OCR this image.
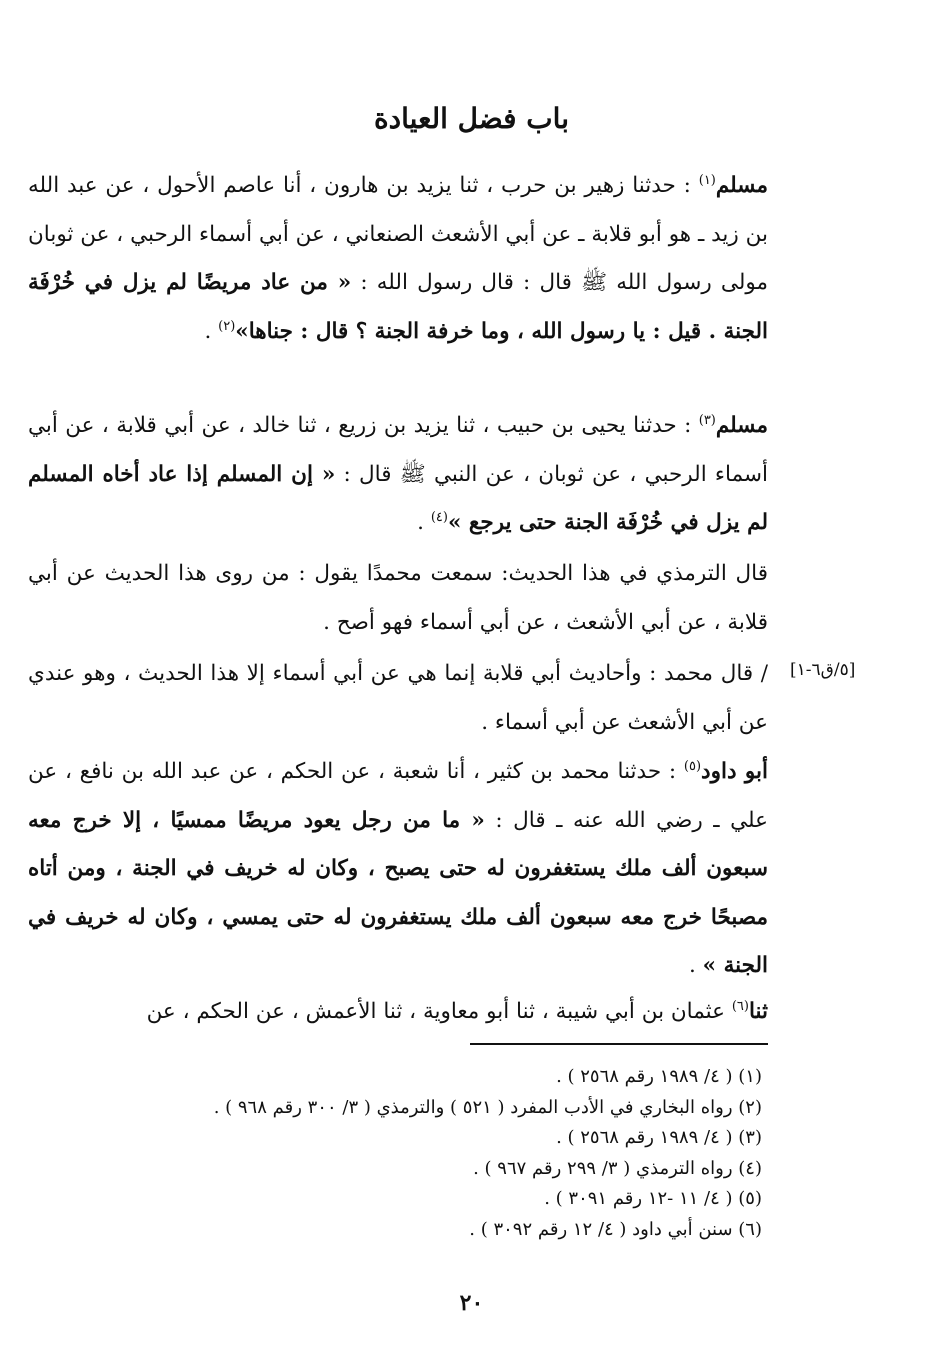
باب فضل العيادة

مسلم$^{(١)}$ : حدثنا زهير بن حرب ، ثنا يزيد بن هارون ، أنا عاصم الأحول ، عن عبد الله بن زيد ـ هو أبو قلابة ـ عن أبي الأشعث الصنعاني ، عن أبي أسماء الرحبي ، عن ثوبان مولى رسول الله ﷺ قال : قال رسول الله : « من عاد مريضًا لم يزل في خُرْفَة الجنة . قيل : يا رسول الله ، وما خرفة الجنة ؟ قال : جناها»$^{(٢)}$ .

مسلم$^{(٣)}$ : حدثنا يحيى بن حبيب ، ثنا يزيد بن زريع ، ثنا خالد ، عن أبي قلابة ، عن أبي أسماء الرحبي ، عن ثوبان ، عن النبي ﷺ قال : « إن المسلم إذا عاد أخاه المسلم لم يزل في خُرْفَة الجنة حتى يرجع »$^{(٤)}$ .

قال الترمذي في هذا الحديث: سمعت محمدًا يقول : من روى هذا الحديث عن أبي قلابة ، عن أبي الأشعث ، عن أبي أسماء فهو أصح .

[٥/ق٦-١]

/ قال محمد : وأحاديث أبي قلابة إنما هي عن أبي أسماء إلا هذا الحديث ، وهو عندي عن أبي الأشعث عن أبي أسماء .

أبو داود$^{(٥)}$ : حدثنا محمد بن كثير ، أنا شعبة ، عن الحكم ، عن عبد الله بن نافع ، عن علي ـ رضي الله عنه ـ قال : « ما من رجل يعود مريضًا ممسيًا ، إلا خرج معه سبعون ألف ملك يستغفرون له حتى يصبح ، وكان له خريف في الجنة ، ومن أتاه مصبحًا خرج معه سبعون ألف ملك يستغفرون له حتى يمسي ، وكان له خريف في الجنة » .

ثنا$^{(٦)}$ عثمان بن أبي شيبة ، ثنا أبو معاوية ، ثنا الأعمش ، عن الحكم ، عن

(١) ( ٤/ ١٩٨٩ رقم ٢٥٦٨ ) .
(٢) رواه البخاري في الأدب المفرد ( ٥٢١ ) والترمذي ( ٣/ ٣٠٠ رقم ٩٦٨ ) .
(٣) ( ٤/ ١٩٨٩ رقم ٢٥٦٨ ) .
(٤) رواه الترمذي ( ٣/ ٢٩٩ رقم ٩٦٧ ) .
(٥) ( ٤/ ١١ -١٢ رقم ٣٠٩١ ) .
(٦) سنن أبي داود ( ٤/ ١٢ رقم ٣٠٩٢ ) .
٢٠
